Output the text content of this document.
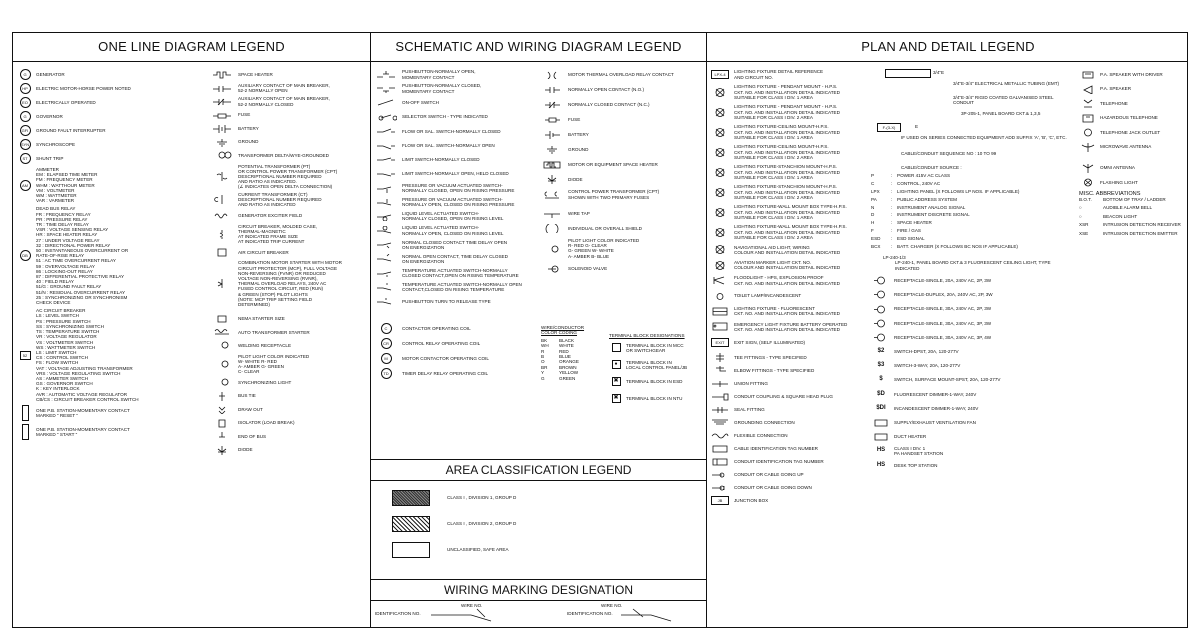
ONE LINE DIAGRAM LEGEND
G	GENERATOR
HP	ELECTRIC MOTOR-HORSE POWER NOTED
EO	ELECTRICALLY OPERATED
G	GOVERNOR
GFI	GROUND FAULT INTERRUPTER
SYN	SYNCHROSCOPE
ST	SHUNT TRIP
AM
AMMETER
EM : ELAPSED TIME METER
FM : FREQUENCY METER
WHM : WATTHOUR METER
VM : VOLTMETER
WM : WATTMETER
VAR : VARMETER
DB
DEAD BUS RELAY
FR : FREQUENCY RELAY
PR : PRESSURE RELAY
TR : TIME DELAY RELAY
VSR : VOLTAGE SENSING RELAY
HR : SPACE HEATER RELAY
27 : UNDER VOLTAGE RELAY
32 : DIRECTIONAL POWER RELAY
50 : INSTANTANEOUS OVERCURRENT OR
RATE-OF-RISE RELAY
51 : AC TIME OVERCURRENT RELAY
59 : OVERVOLTAGE RELAY
86 : LOCKING-OUT RELAY
87 : DIFFERENTIAL PROTECTIVE RELAY
40 : FIELD RELAY
51/G : GROUND FAULT RELAY
51/N : RESIDUAL OVERCURRENT RELAY
25 : SYNCHRONIZING OR SYNCHRONISM
CHECK DEVICE
52
AC CIRCUIT BREAKER
LS : LEVEL SWITCH
PS : PRESSURE SWITCH
SS : SYNCHRONIZING SWITCH
TS : TEMPERATURE SWITCH
VR : VOLTAGE REGULATOR
VS : VOLTMETER SWITCH
WS : WATTMETER SWITCH
LS : LIMIT SWITCH
CS : CONTROL SWITCH
FS : FLOW SWITCH
VAT : VOLTAGE ADJUSTING TRANSFORMER
VRS : VOLTAGE REGULATING SWITCH
AS : AMMETER SWITCH
GS : GOVERNOR SWITCH
K : KEY INTERLOCK
AVR : AUTOMATIC VOLTAGE REGULATOR
CB/CS : CIRCUIT BREAKER CONTROL SWITCH
ONE P.B. STATION-MOMENTARY CONTACT
MARKED " RESET "
ONE P.B. STATION-MOMENTARY CONTACT
MARKED " START "
SPACE HEATER
AUXILIARY CONTACT OF MAIN BREAKER,
52-2 NORMALLY OPEN
AUXILIARY CONTACT OF MAIN BREAKER,
52-2 NORMALLY CLOSED
FUSE
BATTERY
GROUND
TRANSFORMER DELTA/WYE-GROUNDED
POTENTIAL TRANSFORMER (PT)
OR CONTROL POWER TRANSFORMER (CPT)
DESCRIPTIONAL NUMBER REQUIRED
AND RATIO AS INDICATED.
(∠ INDICATES OPEN DELTA CONNECTION)
CURRENT TRANSFORMER (CT)
DESCRIPTIONAL NUMBER REQUIRED
AND RATIO AS INDICATED
GENERATOR EXCITER FIELD
CIRCUIT BREAKER, MOLDED CASE,
THERMAL-MAGNETIC
AT INDICATED FRAME SIZE
AT INDICATED TRIP CURRENT
AIR CIRCUIT BREAKER
COMBINATION MOTOR STARTER WITH MOTOR
CIRCUIT PROTECTOR (MCP), FULL VOLTAGE
NON-REVERSING (FVNR) OR REDUCED
VOLTAGE NON-REVERSING (RVNR),
THERMAL OVERLOAD RELAYS, 240V AC
FUSED CONTROL CIRCUIT, RED (RUN)
& GREEN (STOP) PILOT LIGHTS
(NOTE: MCP TRIP SETTING FIELD
DETERMINED)
NEMA STARTER SIZE
AUTO TRANSFORMER STARTER
WELDING RECEPTACLE
PILOT LIGHT COLOR INDICATED
W- WHITE R- RED
A- AMBER G- GREEN
C- CLEAR
SYNCHRONIZING LIGHT
BUS TIE
DRAW OUT
ISOLATOR (LOAD BREAK)
END OF BUS
DIODE
SCHEMATIC AND WIRING DIAGRAM LEGEND
PUSHBUTTON-NORMALLY OPEN,
MOMENTARY CONTACT
PUSHBUTTON-NORMALLY CLOSED,
MOMENTARY CONTACT
ON-OFF SWITCH
SELECTOR SWITCH - TYPE INDICATED
FLOW OR SAL. SWITCH-NORMALLY CLOSED
FLOW OR SAL. SWITCH-NORMALLY OPEN
LIMIT SWITCH-NORMALLY CLOSED
LIMIT SWITCH-NORMALLY OPEN, HELD CLOSED
PRESSURE OR VACUUM ACTUATED SWITCH-
NORMALLY CLOSED, OPEN ON RISING PRESSURE
PRESSURE OR VACUUM ACTUATED SWITCH-
NORMALLY OPEN, CLOSED ON RISING PRESSURE
LIQUID LEVEL ACTUATED SWITCH-
NORMALLY CLOSED, OPEN ON RISING LEVEL
LIQUID LEVEL ACTUATED SWITCH-
NORMALLY OPEN, CLOSED ON RISING LEVEL
NORMAL CLOSED CONTACT TIME DELAY OPEN
ON ENERGIZATION
NORMAL OPEN CONTACT, TIME DELAY CLOSED
ON ENERGIZATION
TEMPERATURE ACTUATED SWITCH-NORMALLY
CLOSED CONTACT,OPEN ON RISING TEMPERATURE
TEMPERATURE ACTUATED SWITCH-NORMALLY OPEN
CONTACT,CLOSED ON RISING TEMPERATURE
PUSHBUTTON TURN TO RELEASE TYPE
C	CONTACTOR OPERATING COIL
CR	CONTROL RELAY OPERATING COIL
M	MOTOR CONTACTOR OPERATING COIL
TD	TIMER DELAY RELAY OPERATING COIL
MOTOR THERMAL OVERLOAD RELAY CONTACT
NORMALLY OPEN CONTACT (N.O.)
NORMALLY CLOSED CONTACT (N.C.)
FUSE
BATTERY
GROUND
MOTOR OR EQUIPMENT SPACE HEATER
DIODE
CONTROL POWER TRANSFORMER (CPT)
SHOWN WITH TWO PRIMARY FUSES
WIRE TAP
INDIVIDUAL OR OVERALL SHIELD
PILOT LIGHT COLOR INDICATED
R- RED G- CLEAR
G- GREEN W- WHITE
A- AMBER B- BLUE
SOLENOID VALVE
WIRE/CONDUCTOR
COLOR CODING
BK	BLACK
WH	WHITE
R	RED
B	BLUE
O	ORANGE
BR	BROWN
Y	YELLOW
G	GREEN
TERMINAL BLOCK DESIGNATIONS
TERMINAL BLOCK IN MCC
OR SWITCHGEAR
●	TERMINAL BLOCK IN
LOCAL CONTROL PANEL/JB
✖	TERMINAL BLOCK IN ESD
✖	TERMINAL BLOCK IN NTU
AREA CLASSIFICATION LEGEND
CLASS I , DIVISION 1, GROUP D
CLASS I , DIVISION 2, GROUP D
UNCLASSIFIED, SAFE AREA
WIRING MARKING DESIGNATION
WIRE NO.
IDENTIFICATION NO.
WIRE NO.
IDENTIFICATION NO.
PLAN AND DETAIL LEGEND
LPX-4
LIGHTING FIXTURE DETAIL REFERENCE
AND CIRCUIT NO.
LIGHTING FIXTURE - PENDANT MOUNT - H.P.S.
CKT. NO. AND INSTALLATION DETAIL INDICATED
SUITABLE FOR CLASS I DIV. 1 AREA
LIGHTING FIXTURE - PENDANT MOUNT - H.P.S.
CKT. NO. AND INSTALLATION DETAIL INDICATED
SUITABLE FOR CLASS I DIV. 2 AREA
LIGHTING FIXTURE-CEILING MOUNT-H.P.S.
CKT. NO. AND INSTALLATION DETAIL INDICATED
SUITABLE FOR CLASS I DIV. 1 AREA
LIGHTING FIXTURE-CEILING MOUNT-H.P.S.
CKT. NO. AND INSTALLATION DETAIL INDICATED
SUITABLE FOR CLASS I DIV. 2 AREA
LIGHTING FIXTURE-STANCHION MOUNT-H.P.S.
CKT. NO. AND INSTALLATION DETAIL INDICATED
SUITABLE FOR CLASS I DIV. 1 AREA
LIGHTING FIXTURE-STANCHION MOUNT-H.P.S.
CKT. NO. AND INSTALLATION DETAIL INDICATED
SUITABLE FOR CLASS I DIV. 2 AREA
LIGHTING FIXTURE-WALL MOUNT BOX TYPE-H.P.S.
CKT. NO. AND INSTALLATION DETAIL INDICATED
SUITABLE FOR CLASS I DIV. 1 AREA
LIGHTING FIXTURE-WALL MOUNT BOX TYPE-H.P.S.
CKT. NO. AND INSTALLATION DETAIL INDICATED
SUITABLE FOR CLASS I DIV. 2 AREA
NAVIGATIONAL AID LIGHT, WIRING
COLOUR AND INSTALLATION DETAIL INDICATED
AVIATION MARKER LIGHT CKT. NO.
COLOUR AND INSTALLATION DETAIL INDICATED
FLOODLIGHT - HPS, EXPLOSION PROOF
CKT. NO. AND INSTALLATION DETAIL INDICATED
TOILET LAMP/INCANDESCENT
LIGHTING FIXTURE - FLUORESCENT
CKT. NO. AND INSTALLATION DETAIL INDICATED
EMERGENCY LIGHT FIXTURE BATTERY OPERATED
CKT. NO. AND INSTALLATION DETAIL INDICATED
EXIT	EXIT SIGN, (SELF ILLUMINATED)
TEE FITTINGS - TYPE SPECIFIED
ELBOW FITTINGS - TYPE SPECIFIED
UNION FITTING
CONDUIT COUPLING & SQUARE HEAD PLUG
SEAL FITTING
GROUNDING CONNECTION
FLEXIBLE CONNECTION
CABLE IDENTIFICATION TAG NUMBER
CONDUIT IDENTIFICATION TAG NUMBER
CONDUIT OR CABLE GOING UP
CONDUIT OR CABLE GOING DOWN
JB	JUNCTION BOX
3/4"E
3/4"E-3/4" ELECTRICAL METALLIC TUBING (EMT)
3/4"E-3/4" RIGID COATED GALVANISED STEEL CONDUIT
3P-205-1, PANEL BOARD CKT.& 1,3,5
F-(3-X)	E
IF USED ON SERIES CONNECTED EQUIPMENT ADD SUFFIX 'A', 'B', 'C', ETC.
CABLE/CONDUIT SEQUENCE NO : 10 TO 99
CABLE/CONDUIT SOURCE :
P	:	POWER 415V AC CLASS
C	:	CONTROL, 240V AC
LPX	:	LIGHTING PANEL (X FOLLOWS LP NOS. IF APPLICABLE)
PA	:	PUBLIC ADDRESS SYSTEM
N	:	INSTRUMENT ANALOG SIGNAL
D	:	INSTRUMENT DISCRETE SIGNAL
H	:	SPACE HEATER
F	:	FIRE / GAS
ESD	:	ESD SIGNAL
BCX	:	BATT. CHARGER (X FOLLOWS BC NOS IF APPLICABLE)
LP-240-1/3
LP-240-1, PANEL BOARD CKT.& 3 FLUORESCENT CEILING LIGHT, TYPE INDICATED
RECEPTACLE-SINGLE, 20A, 240V AC, 2P, 3W
RECEPTACLE-DUPLEX, 20A, 240V AC, 2P, 3W
RECEPTACLE-SINGLE, 30A, 240V AC, 2P, 3W
RECEPTACLE-SINGLE, 30A, 240V AC, 3P, 3W
RECEPTACLE-SINGLE, 30A, 240V AC, 3P, 4W
$2	SWITCH-DPST, 20A, 120-277V
$3	SWITCH-3-WAY, 20A, 120-277V
$	SWITCH, SURFACE MOUNT-SPST, 20A, 120-277V
$D	FLUORESCENT DIMMER-1-WAY, 240V
$DI	INCANDESCENT DIMMER-1-WAY, 240V
SUPPLY/EXHAUST VENTILATION FAN
DUCT HEATER
HS	CLASS I DIV. 1
PA HANDSET STATION
HS	DESK TOP STATION
P.A. SPEAKER WITH DRIVER
P.A. SPEAKER
TELEPHONE
HAZARDOUS TELEPHONE
TELEPHONE JACK OUTLET
MICROWAVE ANTENNA
OMNI ANTENNA
FLASHING LIGHT
MISC. ABBREVIATIONS
B.O.T.	BOTTOM OF TRAY / LADDER
○	AUDIBLE ALARM BELL
○	BEACON LIGHT
XSR	INTRUSION DETECTION RECEIVER
XSE	INTRUSION DETECTION EMITTER
